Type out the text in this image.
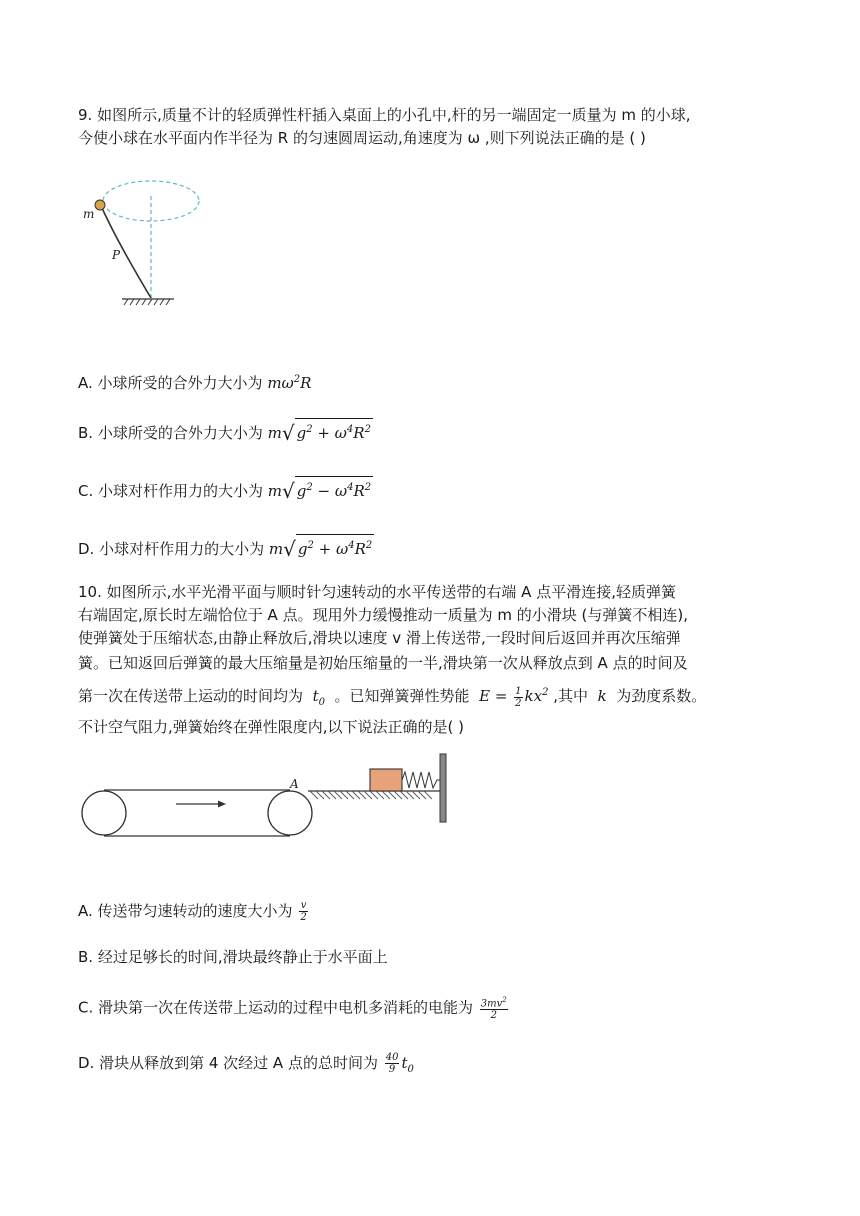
9. 如图所示,质量不计的轻质弹性杆插入桌面上的小孔中,杆的另一端固定一质量为 m 的小球,
今使小球在水平面内作半径为 R 的匀速圆周运动,角速度为 ω ,则下列说法正确的是 ( )
m
P
A. 小球所受的合外力大小为 $m\omega^2R$
B. 小球所受的合外力大小为 m√ $g^2 + \omega^4R^2$
C. 小球对杆作用力的大小为 m√ $g^2 - \omega^4R^2$
D. 小球对杆作用力的大小为 m√ $g^2 + \omega^4R^2$
10. 如图所示,水平光滑平面与顺时针匀速转动的水平传送带的右端 A 点平滑连接,轻质弹簧
右端固定,原长时左端恰位于 A 点。现用外力缓慢推动一质量为 m 的小滑块 (与弹簧不相连),
使弹簧处于压缩状态,由静止释放后,滑块以速度 v 滑上传送带,一段时间后返回并再次压缩弹
簧。已知返回后弹簧的最大压缩量是初始压缩量的一半,滑块第一次从释放点到 A 点的时间及
第一次在传送带上运动的时间均为  $t_0$ 。已知弹簧弹性势能  $E = \frac{1}{2} kx^2$ ,其中  k  为劲度系数。
不计空气阻力,弹簧始终在弹性限度内,以下说法正确的是( )
A
A. 传送带匀速转动的速度大小为 $\frac{v}{2}$
B. 经过足够长的时间,滑块最终静止于水平面上
C. 滑块第一次在传送带上运动的过程中电机多消耗的电能为 $\frac{3mv^2}{2}$
D. 滑块从释放到第 4 次经过 A 点的总时间为 $\frac{40}{9} t_0$
